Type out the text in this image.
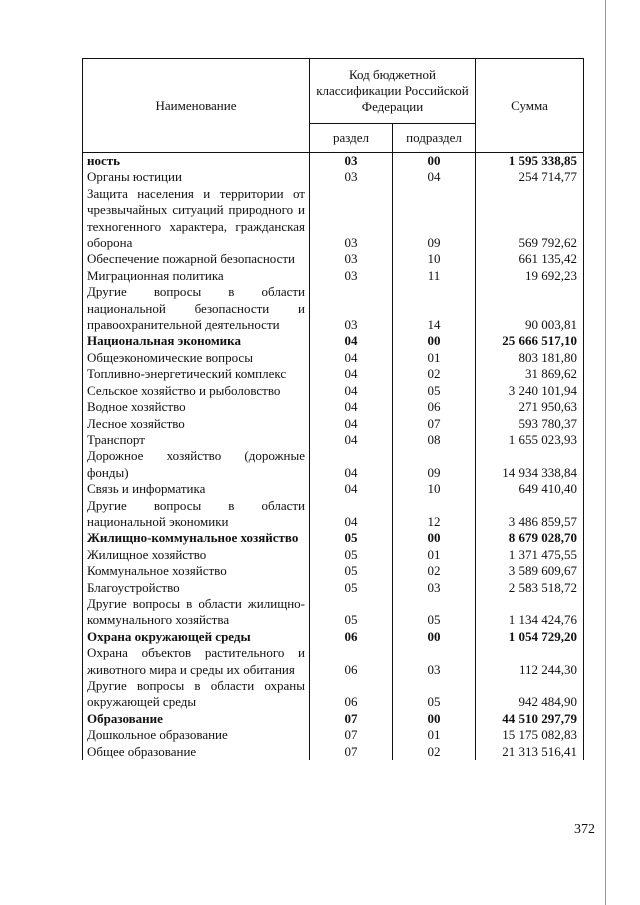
Наименование	Код бюджетной классификации Российской Федерации		Сумма
	раздел	подраздел	
ность	03	00	1 595 338,85
Органы юстиции	03	04	254 714,77
Защита населения и территории от чрезвычайных ситуаций природного и техногенного характера, гражданская оборона	03	09	569 792,62
Обеспечение пожарной безопасности	03	10	661 135,42
Миграционная политика	03	11	19 692,23
Другие вопросы в области национальной безопасности и правоохранительной деятельности	03	14	90 003,81
Национальная экономика	04	00	25 666 517,10
Общеэкономические вопросы	04	01	803 181,80
Топливно-энергетический комплекс	04	02	31 869,62
Сельское хозяйство и рыболовство	04	05	3 240 101,94
Водное хозяйство	04	06	271 950,63
Лесное хозяйство	04	07	593 780,37
Транспорт	04	08	1 655 023,93
Дорожное хозяйство (дорожные фонды)	04	09	14 934 338,84
Связь и информатика	04	10	649 410,40
Другие вопросы в области национальной экономики	04	12	3 486 859,57
Жилищно-коммунальное хозяйство	05	00	8 679 028,70
Жилищное хозяйство	05	01	1 371 475,55
Коммунальное хозяйство	05	02	3 589 609,67
Благоустройство	05	03	2 583 518,72
Другие вопросы в области жилищно-коммунального хозяйства	05	05	1 134 424,76
Охрана окружающей среды	06	00	1 054 729,20
Охрана объектов растительного и животного мира и среды их обитания	06	03	112 244,30
Другие вопросы в области охраны окружающей среды	06	05	942 484,90
Образование	07	00	44 510 297,79
Дошкольное образование	07	01	15 175 082,83
Общее образование	07	02	21 313 516,41
372
